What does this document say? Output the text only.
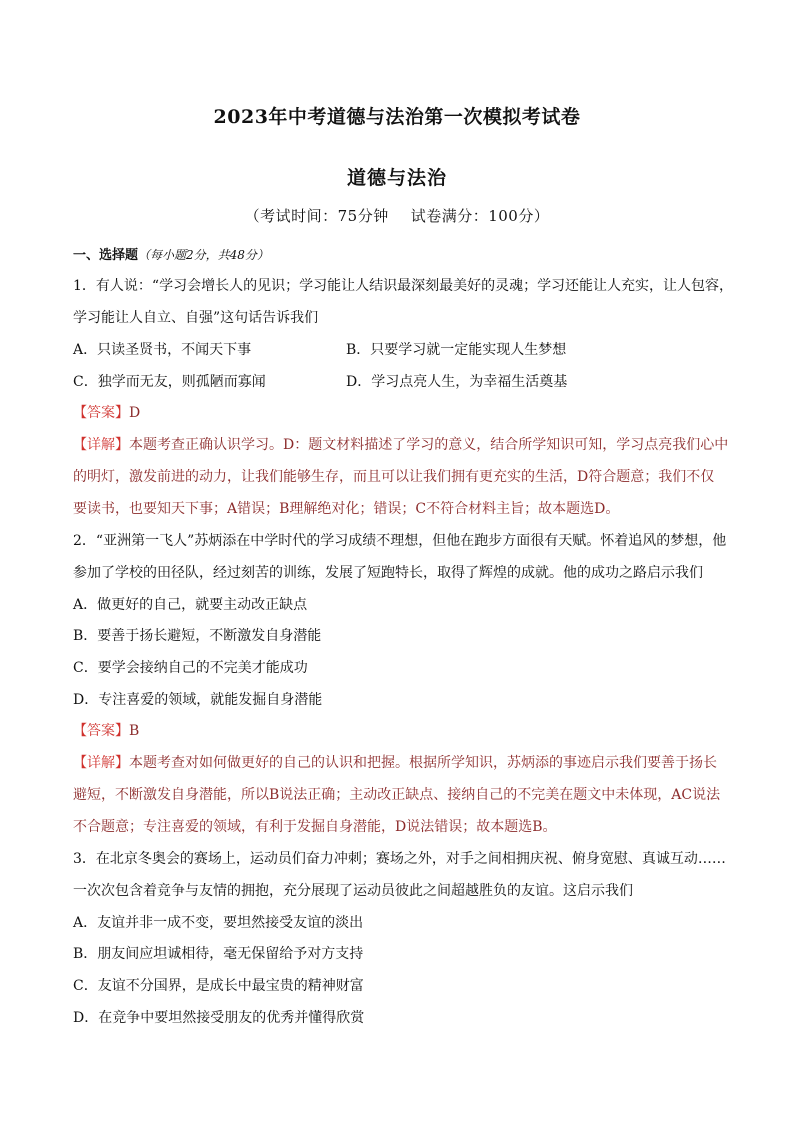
2023年中考道德与法治第一次模拟考试卷
道德与法治
（考试时间：75分钟 试卷满分：100分）
一、选择题（每小题2分，共48分）
1．有人说：“学习会增长人的见识；学习能让人结识最深刻最美好的灵魂；学习还能让人充实，让人包容，
学习能让人自立、自强”这句话告诉我们
A．只读圣贤书，不闻天下事	B．只要学习就一定能实现人生梦想
C．独学而无友，则孤陋而寡闻	D．学习点亮人生，为幸福生活奠基
【答案】D
【详解】本题考查正确认识学习。D：题文材料描述了学习的意义，结合所学知识可知，学习点亮我们心中
的明灯，激发前进的动力，让我们能够生存，而且可以让我们拥有更充实的生活，D符合题意；我们不仅
要读书，也要知天下事；A错误；B理解绝对化；错误；C不符合材料主旨；故本题选D。
2．“亚洲第一飞人”苏炳添在中学时代的学习成绩不理想，但他在跑步方面很有天赋。怀着追风的梦想，他
参加了学校的田径队，经过刻苦的训练，发展了短跑特长，取得了辉煌的成就。他的成功之路启示我们
A．做更好的自己，就要主动改正缺点
B．要善于扬长避短，不断激发自身潜能
C．要学会接纳自己的不完美才能成功
D．专注喜爱的领域，就能发掘自身潜能
【答案】B
【详解】本题考查对如何做更好的自己的认识和把握。根据所学知识，苏炳添的事迹启示我们要善于扬长
避短，不断激发自身潜能，所以B说法正确；主动改正缺点、接纳自己的不完美在题文中未体现，AC说法
不合题意；专注喜爱的领域，有利于发掘自身潜能，D说法错误；故本题选B。
3．在北京冬奥会的赛场上，运动员们奋力冲刺；赛场之外，对手之间相拥庆祝、俯身宽慰、真诚互动……
一次次包含着竞争与友情的拥抱，充分展现了运动员彼此之间超越胜负的友谊。这启示我们
A．友谊并非一成不变，要坦然接受友谊的淡出
B．朋友间应坦诚相待，毫无保留给予对方支持
C．友谊不分国界，是成长中最宝贵的精神财富
D．在竞争中要坦然接受朋友的优秀并懂得欣赏
